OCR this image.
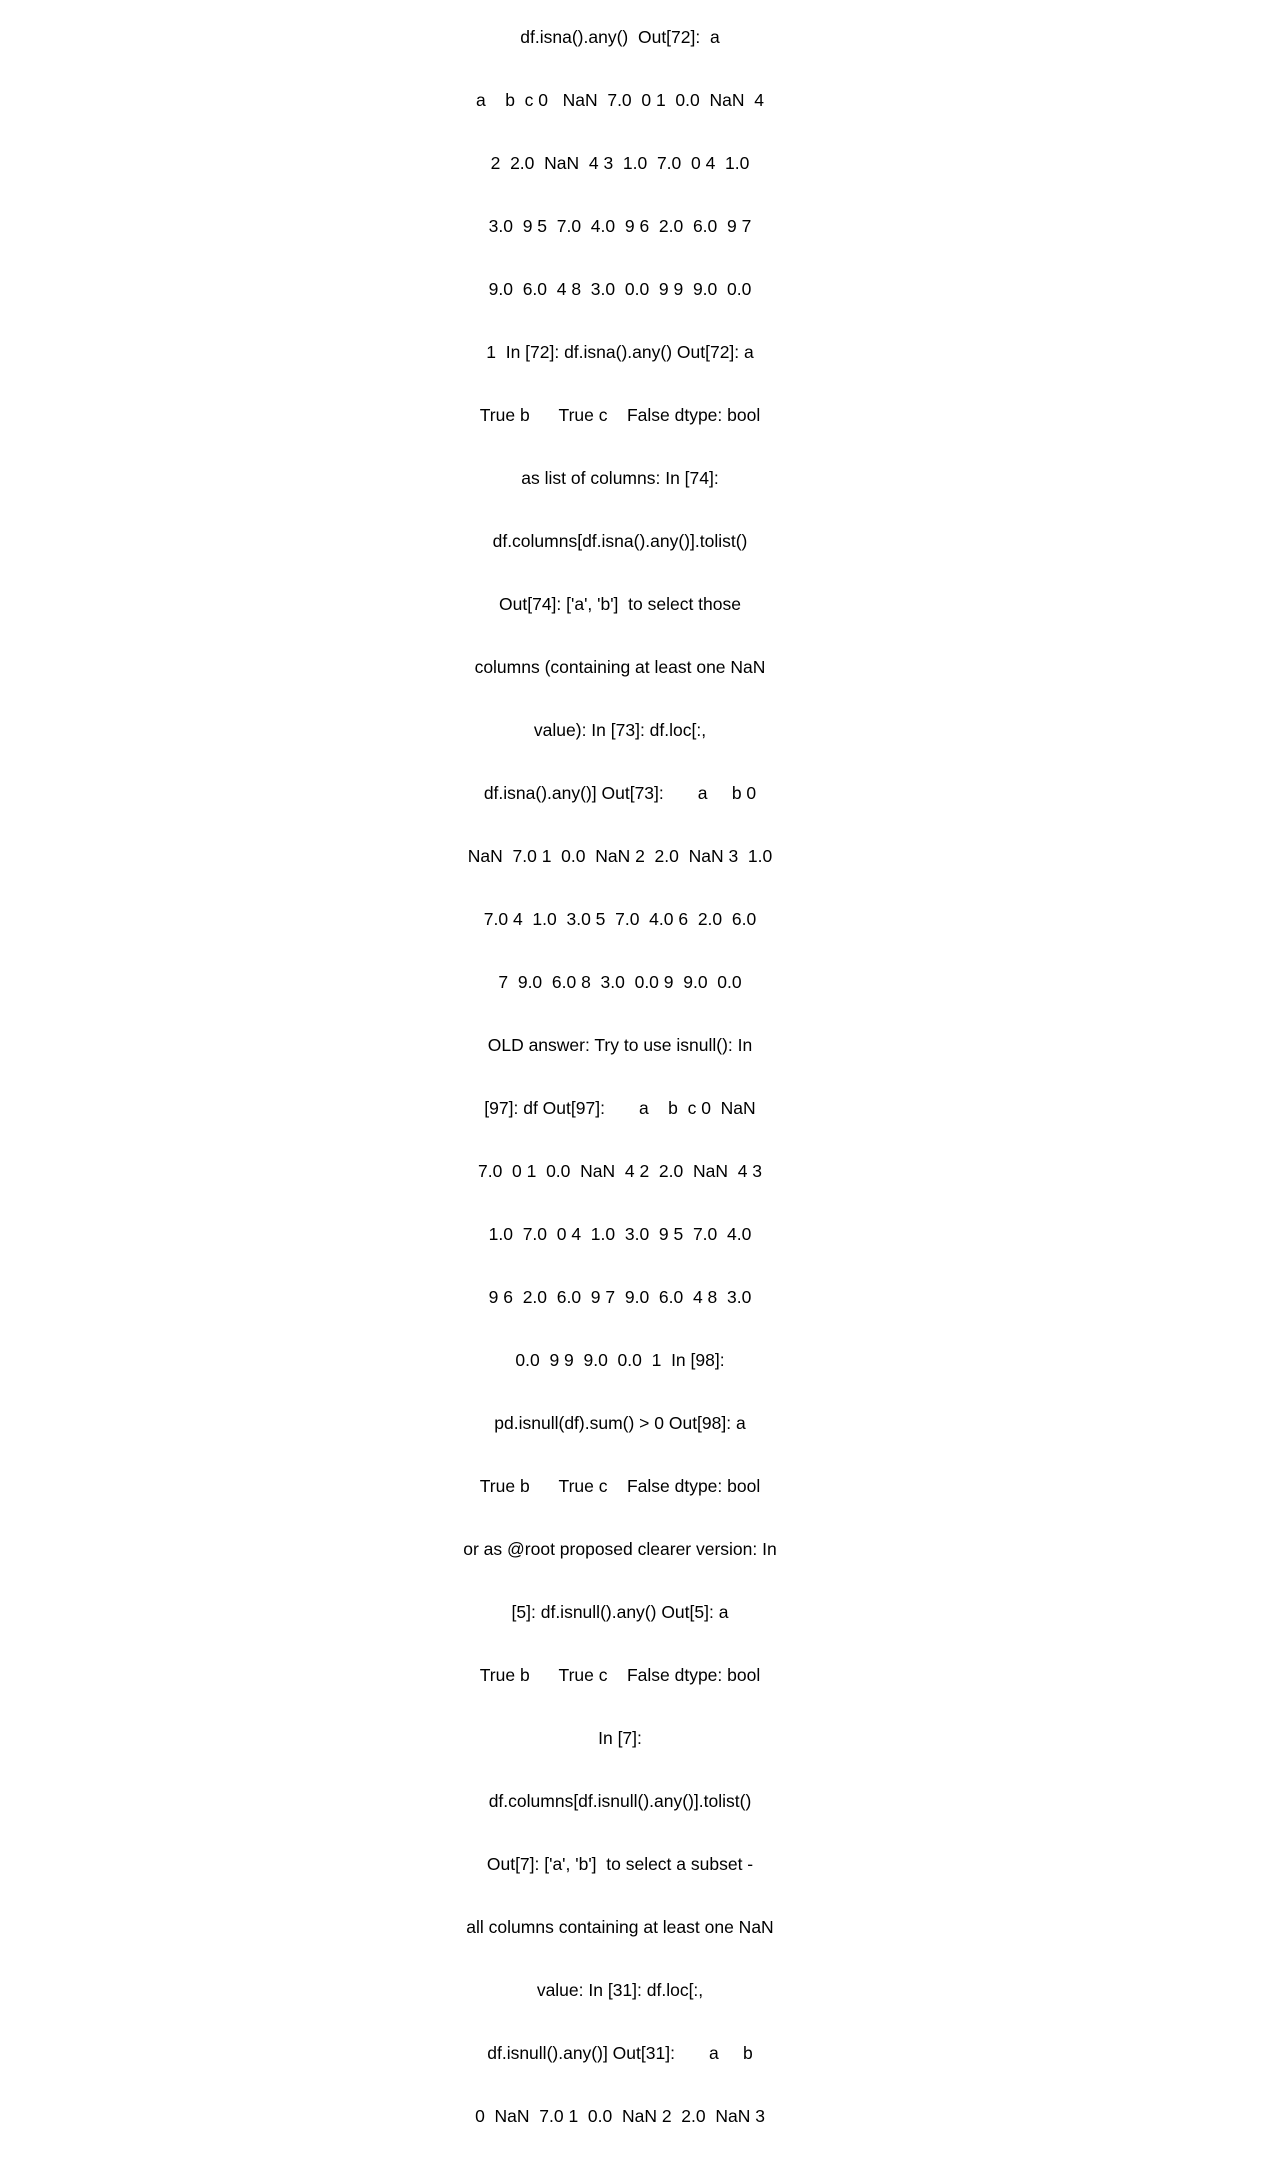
df.isna().any()  Out[72]:  a

a    b  c 0   NaN  7.0  0 1  0.0  NaN  4

2  2.0  NaN  4 3  1.0  7.0  0 4  1.0

3.0  9 5  7.0  4.0  9 6  2.0  6.0  9 7

9.0  6.0  4 8  3.0  0.0  9 9  9.0  0.0

1  In [72]: df.isna().any() Out[72]: a

True b      True c    False dtype: bool

as list of columns: In [74]:

df.columns[df.isna().any()].tolist()

Out[74]: ['a', 'b']  to select those

columns (containing at least one NaN

value): In [73]: df.loc[:,

df.isna().any()] Out[73]:       a     b 0

NaN  7.0 1  0.0  NaN 2  2.0  NaN 3  1.0

7.0 4  1.0  3.0 5  7.0  4.0 6  2.0  6.0

7  9.0  6.0 8  3.0  0.0 9  9.0  0.0

OLD answer: Try to use isnull(): In

[97]: df Out[97]:       a    b  c 0  NaN

7.0  0 1  0.0  NaN  4 2  2.0  NaN  4 3

1.0  7.0  0 4  1.0  3.0  9 5  7.0  4.0

9 6  2.0  6.0  9 7  9.0  6.0  4 8  3.0

0.0  9 9  9.0  0.0  1  In [98]:

pd.isnull(df).sum() > 0 Out[98]: a

True b      True c    False dtype: bool

or as @root proposed clearer version: In

[5]: df.isnull().any() Out[5]: a

True b      True c    False dtype: bool

In [7]:

df.columns[df.isnull().any()].tolist()

Out[7]: ['a', 'b']  to select a subset -

all columns containing at least one NaN

value: In [31]: df.loc[:,

df.isnull().any()] Out[31]:       a     b

0  NaN  7.0 1  0.0  NaN 2  2.0  NaN 3
